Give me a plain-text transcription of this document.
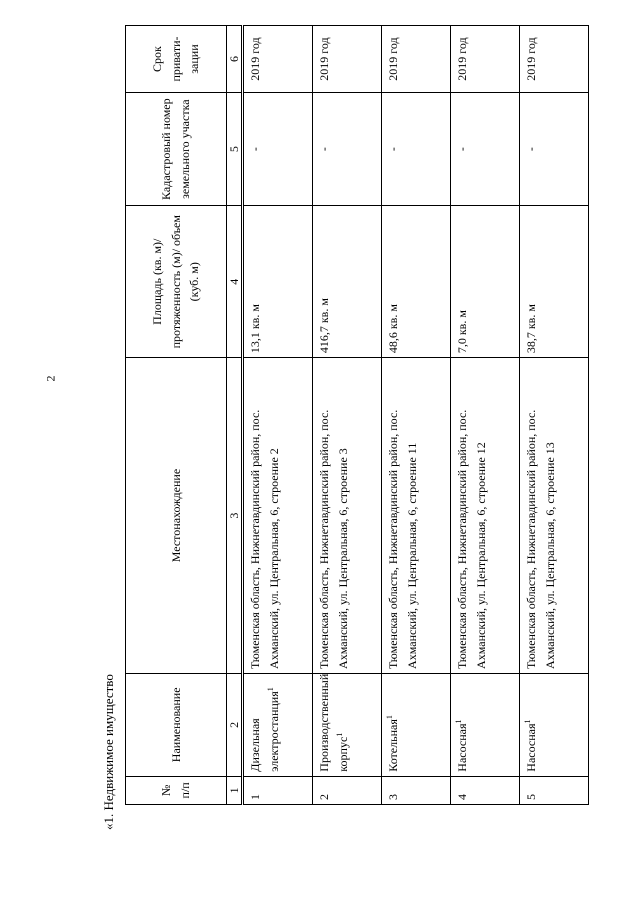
2
«1. Недвижимое имущество	№ п/п	Наименование	Местонахождение	Площадь (кв. м)/ протяженность (м)/ объем (куб. м)	Кадастровый номер земельного участка	Срок привати- зации
1	2	3	4	5	6
1	Дизельная электростанция$^1$	Тюменская область, Нижнетавдинский район, пос. Ахманский, ул. Центральная, 6, строение 2	13,1 кв. м	-	2019 год
2	Производственный корпус$^1$	Тюменская область, Нижнетавдинский район, пос. Ахманский, ул. Центральная, 6, строение 3	416,7 кв. м	-	2019 год
3	Котельная$^1$	Тюменская область, Нижнетавдинский район, пос. Ахманский, ул. Центральная, 6, строение 11	48,6 кв. м	-	2019 год
4	Насосная$^1$	Тюменская область, Нижнетавдинский район, пос. Ахманский, ул. Центральная, 6, строение 12	7,0 кв. м	-	2019 год
5	Насосная$^1$	Тюменская область, Нижнетавдинский район, пос. Ахманский, ул. Центральная, 6, строение 13	38,7 кв. м	-	2019 год
